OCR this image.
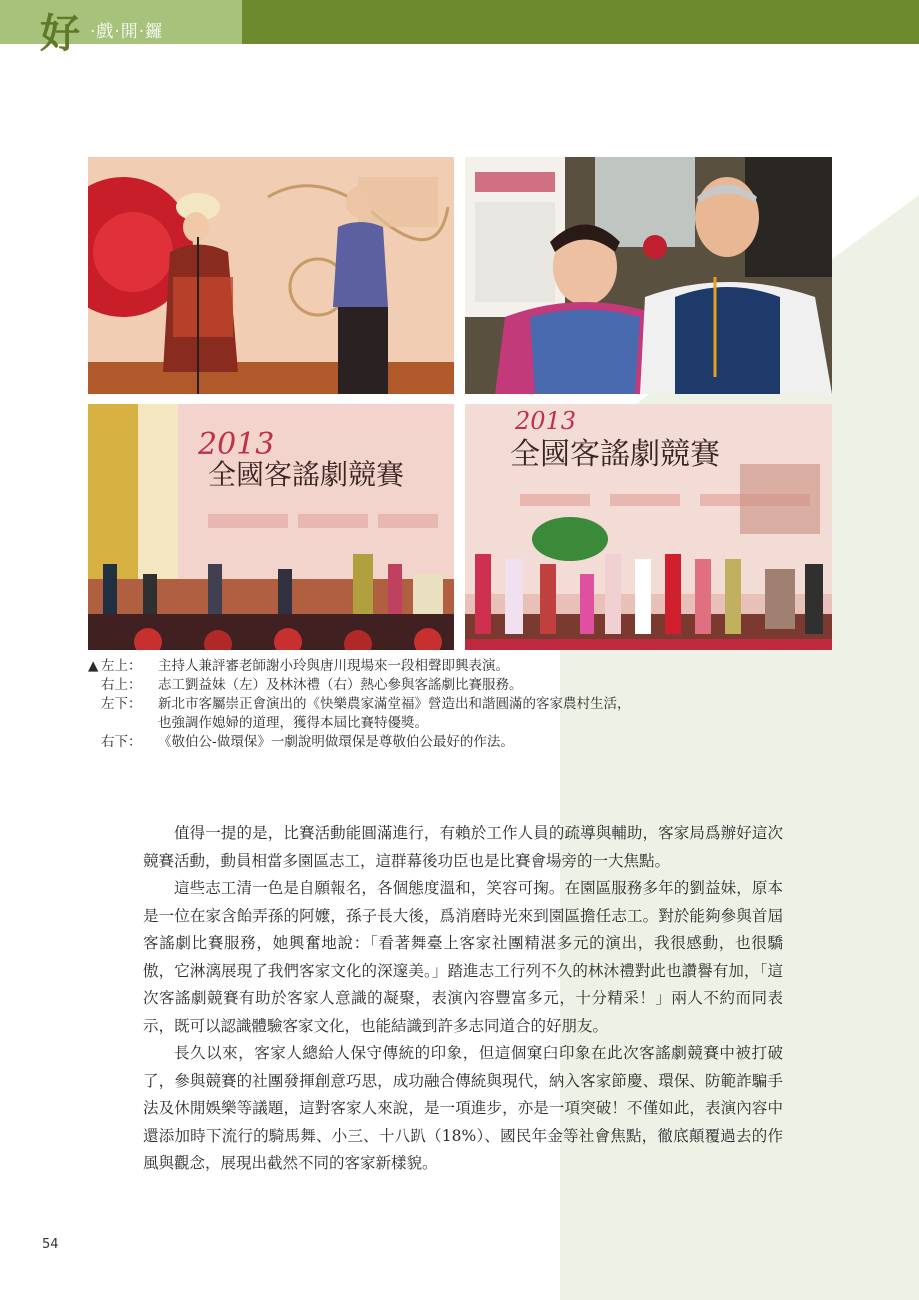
好 ·戲·開·鑼
全國客謠劇競賽
2013	全國客謠劇競賽
2013
▲ 左上：	主持人兼評審老師謝小玲與唐川現場來一段相聲即興表演。
右上：	志工劉益妹（左）及林沐禮（右）熱心參與客謠劇比賽服務。
左下：	新北市客屬崇正會演出的《快樂農家滿堂福》營造出和諧圓滿的客家農村生活，
也強調作媳婦的道理，獲得本屆比賽特優獎。
右下：	《敬伯公-做環保》一劇說明做環保是尊敬伯公最好的作法。

值得一提的是，比賽活動能圓滿進行，有賴於工作人員的疏導與輔助，客家局爲辦好這次競賽活動，動員相當多園區志工，這群幕後功臣也是比賽會場旁的一大焦點。

這些志工清一色是自願報名，各個態度溫和，笑容可掬。在園區服務多年的劉益妹，原本是一位在家含飴弄孫的阿嬤，孫子長大後，爲消磨時光來到園區擔任志工。對於能夠參與首屆客謠劇比賽服務，她興奮地說：「看著舞臺上客家社團精湛多元的演出，我很感動，也很驕傲，它淋漓展現了我們客家文化的深邃美。」踏進志工行列不久的林沐禮對此也讚譽有加，「這次客謠劇競賽有助於客家人意識的凝聚，表演內容豐富多元，十分精采！」兩人不約而同表示，既可以認識體驗客家文化，也能結識到許多志同道合的好朋友。

長久以來，客家人總給人保守傳統的印象，但這個窠臼印象在此次客謠劇競賽中被打破了，參與競賽的社團發揮創意巧思，成功融合傳統與現代，納入客家節慶、環保、防範詐騙手法及休閒娛樂等議題，這對客家人來說，是一項進步，亦是一項突破！不僅如此，表演內容中還添加時下流行的騎馬舞、小三、十八趴（18%）、國民年金等社會焦點，徹底顛覆過去的作風與觀念，展現出截然不同的客家新樣貌。

54
